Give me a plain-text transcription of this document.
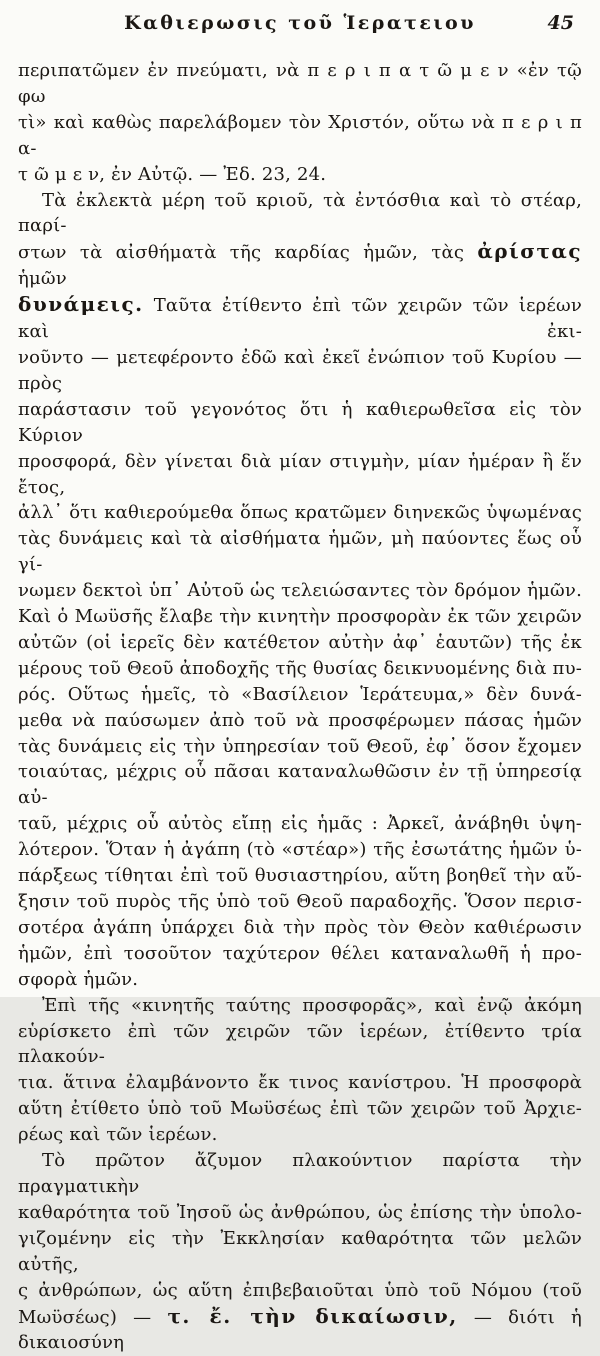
Καθιερωσις τοῦ Ἱερατειου	45
περιπατῶμεν ἐν πνεύματι, νὰ π ε ρ ι π α τ ῶ μ ε ν «ἐν τῷ φω
τὶ» καὶ καθὼς παρελάβομεν τὸν Χριστόν, οὕτω νὰ π ε ρ ι π α-
τ ῶ μ ε ν, ἐν Αὐτῷ. — Ἐδ. 23, 24.
Τὰ ἐκλεκτὰ μέρη τοῦ κριοῦ, τὰ ἐντόσθια καὶ τὸ στέαρ, παρί-
στων τὰ αἰσθήματὰ τῆς καρδίας ἡμῶν, τὰς ἀρίστας ἡμῶν
δυνάμεις. Ταῦτα ἐτίθεντο ἐπὶ τῶν χειρῶν τῶν ἱερέων καὶ ἐκι-
νοῦντο — μετεφέροντο ἐδῶ καὶ ἐκεῖ ἐνώπιον τοῦ Κυρίου — πρὸς
παράστασιν τοῦ γεγονότος ὅτι ἡ καθιερωθεῖσα εἰς τὸν Κύριον
προσφορά, δὲν γίνεται διὰ μίαν στιγμὴν, μίαν ἡμέραν ἢ ἕν ἔτος,
ἀλλ᾽ ὅτι καθιερούμεθα ὅπως κρατῶμεν διηνεκῶς ὑψωμένας
τὰς δυνάμεις καὶ τὰ αἰσθήματα ἡμῶν, μὴ παύοντες ἕως οὗ γί-
νωμεν δεκτοὶ ὑπ᾽ Αὐτοῦ ὡς τελειώσαντες τὸν δρόμον ἡμῶν.
Καὶ ὁ Μωϋσῆς ἔλαβε τὴν κινητὴν προσφορὰν ἐκ τῶν χειρῶν
αὐτῶν (οἱ ἱερεῖς δὲν κατέθετον αὐτὴν ἀφ᾽ ἑαυτῶν) τῆς ἐκ
μέρους τοῦ Θεοῦ ἀποδοχῆς τῆς θυσίας δεικνυομένης διὰ πυ-
ρός. Οὕτως ἡμεῖς, τὸ «Βασίλειον Ἱεράτευμα,» δὲν δυνά-
μεθα νὰ παύσωμεν ἀπὸ τοῦ νὰ προσφέρωμεν πάσας ἡμῶν
τὰς δυνάμεις εἰς τὴν ὑπηρεσίαν τοῦ Θεοῦ, ἐφ᾽ ὅσον ἔχομεν
τοιαύτας, μέχρις οὗ πᾶσαι καταναλωθῶσιν ἐν τῇ ὑπηρεσίᾳ αὐ-
ταῦ, μέχρις οὗ αὐτὸς εἴπῃ εἰς ἡμᾶς : Ἀρκεῖ, ἀνάβηθι ὑψη-
λότερον. Ὅταν ἡ ἀγάπη (τὸ «στέαρ») τῆς ἐσωτάτης ἡμῶν ὑ-
πάρξεως τίθηται ἐπὶ τοῦ θυσιαστηρίου, αὕτη βοηθεῖ τὴν αὔ-
ξησιν τοῦ πυρὸς τῆς ὑπὸ τοῦ Θεοῦ παραδοχῆς. Ὅσον περισ-
σοτέρα ἀγάπη ὑπάρχει διὰ τὴν πρὸς τὸν Θεὸν καθιέρωσιν
ἡμῶν, ἐπὶ τοσοῦτον ταχύτερον θέλει καταναλωθῆ ἡ προ-
σφορὰ ἡμῶν.
Ἐπὶ τῆς «κινητῆς ταύτης προσφορᾶς», καὶ ἐνῷ ἀκόμη
εὑρίσκετο ἐπὶ τῶν χειρῶν τῶν ἱερέων, ἐτίθεντο τρία πλακούν-
τια. ἅτινα ἐλαμβάνοντο ἔκ τινος κανίστρου. Ἡ προσφορὰ
αὕτη ἐτίθετο ὑπὸ τοῦ Μωϋσέως ἐπὶ τῶν χειρῶν τοῦ Ἀρχιε-
ρέως καὶ τῶν ἱερέων.
Τὸ πρῶτον ἄζυμον πλακούντιον παρίστα τὴν πραγματικὴν
καθαρότητα τοῦ Ἰησοῦ ὡς ἀνθρώπου, ὡς ἐπίσης τὴν ὑπολο-
γιζομένην εἰς τὴν Ἐκκλησίαν καθαρότητα τῶν μελῶν αὐτῆς,
ς ἀνθρώπων, ὡς αὕτη ἐπιβεβαιοῦται ὑπὸ τοῦ Νόμου (τοῦ
Μωϋσέως) — τ. ἔ. τὴν δικαίωσιν, — διότι ἡ δικαιοσύνη
